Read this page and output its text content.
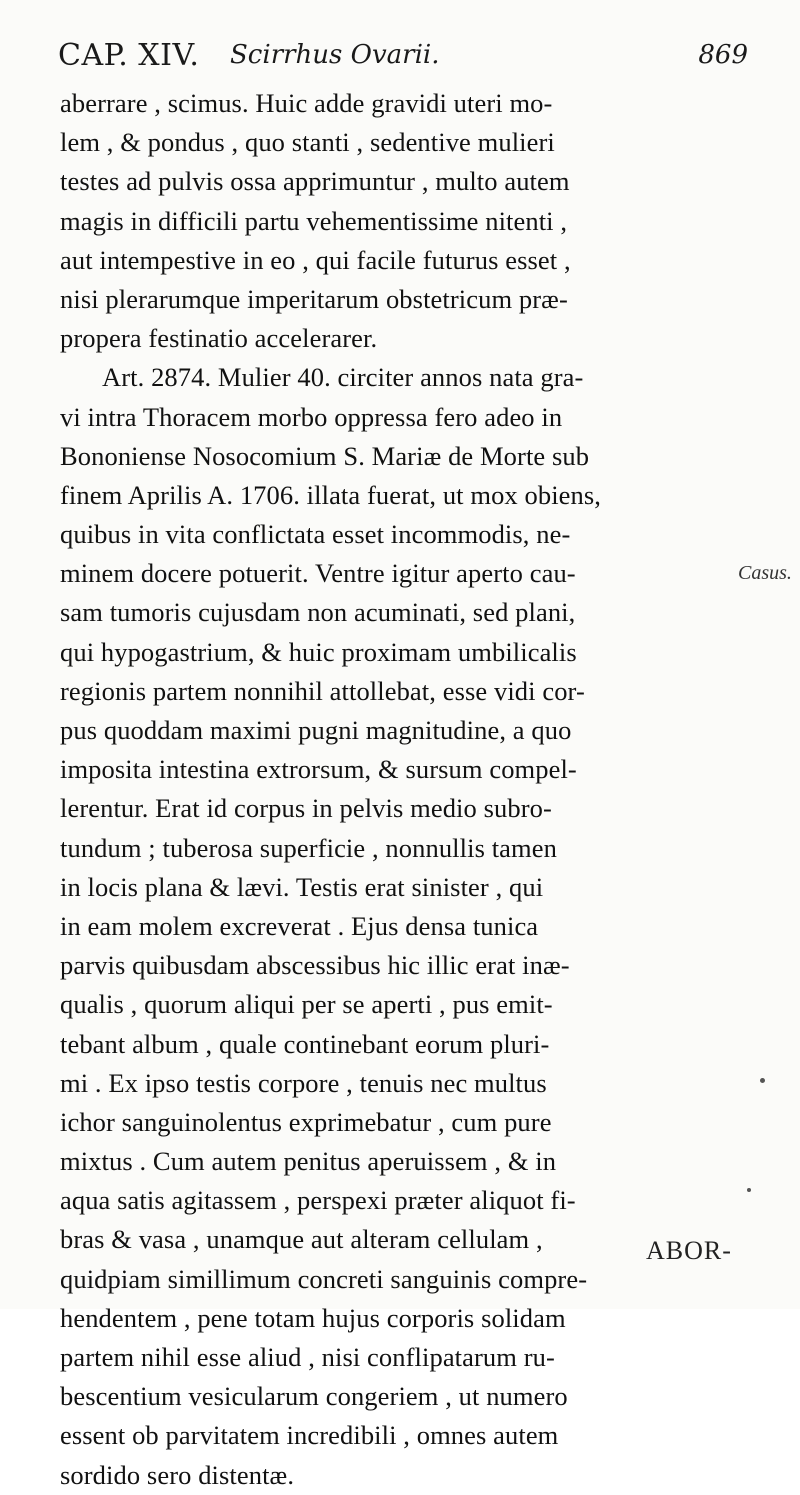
CAP. XIV. Scirrhus Ovarii.	869
aberrare , scimus. Huic adde gravidi uteri mo-
lem , & pondus , quo stanti , sedentive mulieri
testes ad pulvis ossa apprimuntur , multo autem
magis in difficili partu vehementissime nitenti ,
aut intempestive in eo , qui facile futurus esset ,
nisi plerarumque imperitarum obstetricum præ-
propera festinatio accelerarer.
Art. 2874. Mulier 40. circiter annos nata gra-
vi intra Thoracem morbo oppressa fero adeo in
Bononiense Nosocomium S. Mariæ de Morte sub
finem Aprilis A. 1706. illata fuerat, ut mox obiens,
quibus in vita conflictata esset incommodis, ne-
minem docere potuerit. Ventre igitur aperto cau-
sam tumoris cujusdam non acuminati, sed plani,
qui hypogastrium, & huic proximam umbilicalis
regionis partem nonnihil attollebat, esse vidi cor-
pus quoddam maximi pugni magnitudine, a quo
imposita intestina extrorsum, & sursum compel-
lerentur. Erat id corpus in pelvis medio subro-
tundum ; tuberosa superficie , nonnullis tamen
in locis plana & lævi. Testis erat sinister , qui
in eam molem excreverat . Ejus densa tunica
parvis quibusdam abscessibus hic illic erat inæ-
qualis , quorum aliqui per se aperti , pus emit-
tebant album , quale continebant eorum pluri-
mi . Ex ipso testis corpore , tenuis nec multus
ichor sanguinolentus exprimebatur , cum pure
mixtus . Cum autem penitus aperuissem , & in
aqua satis agitassem , perspexi præter aliquot fi-
bras & vasa , unamque aut alteram cellulam ,
quidpiam simillimum concreti sanguinis compre-
hendentem , pene totam hujus corporis solidam
partem nihil esse aliud , nisi conflipatarum ru-
bescentium vesicularum congeriem , ut numero
essent ob parvitatem incredibili , omnes autem
sordido sero distentæ.
Casus.
ABOR-
